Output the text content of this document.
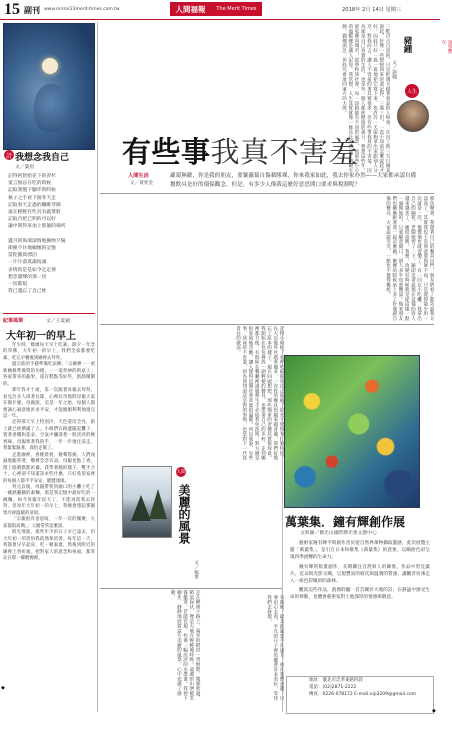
15 副刊 www.mirror23merit-times.com.tw	人間福報 The Merit Times	2018年 2月 14日 星期三
詩 我想念我自己
文／葉眉
記得阿智給花下的青杉
童言無忌在吃的時候
記取我慢下腳步的時候
執子之手看下個冬天走
記取春天走過的纖維穿隙
遠在輕輕有些具有蔬菜般
記取否把已明的可以好
讓中間得來加上那個的場所

遺月的海濱深情地擁吻夕陽
節慶不住地緬懷的記憶
當陀羅與漂泊
一片片落寞滿枝頭
多情的是是如今定定情
想念讀聲的那一切
一切都很
我已遺忘了自己姓
紀事風華	文／王夏穎
大年初一的早上

年少時，媽媽每天早上吃素，除夕一年念的拜佛，大年初一的早上，我們全家都要吃素，吃完早餐後到廟裡去拜拜。

厦宗族的手藝準備吃法鄉，「宗廟裡一一重新檢修準備祭的功德，一一道奉神的供桌上」各家帶來的蔬果，還有糕點等好些，熱熱鬧鬧的。

那年我才十歲，第一次跟著母親去拜拜，看見許多人排著長隊，心裡好奇地問母親大家在做什麼。母親說，這是一年之始，每個人都要誠心誠意地祈求平安，才能順順利利地過完這一年。

記得那天早上特別冷，天色還沒全亮，街上就已經擠滿了人。小販們在路邊擺起攤子，賣著香燭和花朵，空氣中瀰漫著一股淡淡的檀香味。母親牽著我的手，一步一步地往前走，我緊緊跟著，深怕走散了。

走進廟裡，香煙裊裊，鐘聲悠揚，人們虔誠地跪拜著，嘴裡念念有詞。母親也點了香，閉上眼睛默默祈禱。我學著她的樣子，雙手合十，心裡卻不知道該求些什麼，只好希望家裡的每個人都平平安安、健健康康。

拜完以後，母親帶我到廟口的小攤子吃了一碗熱騰騰的素麵，那是我記憶中最好吃的一碗麵。如今母親年紀大了，不能再陪我去拜拜，但每年大年初一的早上，我總會想起那個寒冷卻溫暖的清晨。

「宗親很有意思呀，一年一次的團聚，大家都很高興。」父親常常這麼說。

時光飛逝，那些年少的日子早已遠去，但大年初一的習俗我依然保留著。每年這一天，我都會早早起床，吃一頓素齋，然後到附近的廟裡上香祈福，把對家人的思念和祝福，都寄託在那一縷輕煙裡。

三鞋自言自語的，只是把幾天跟著客氣的人和事，在出工時三五日碰來說起，好像一些想想回來的還記得，三進三出，一直不知道怎麼說起才好，因此只好一篇一篇地把它寫下來，也許有一天能夠拿出來跟別人分享。對我而言，讓人不害羞的事其實很多，但有些事我真的不害羞，因為那是自己真實的生活，也是每一個人都經歷過的歲月。想想這些年，從家鄉到城市，從學校到社會，每一段路都有不同的風景，而那些小小的溫暖總是讓人記得。我常想，人生其實就像一條長長的河流，偶爾平靜，偶爾湍急，但終究會流向遠方的大海。	豬鍾	諸事豐年
人生
文／趙翰
有些事我真不害羞
人間生活
文／黃愛金
蘿蔔無敵，你是我的朋友，要緊蘿蔔自傷藉隊裸，你來我家如此，我去你家亦然——大家都承認自備餐飲具是好的環保觀念，但是，有多少人像我這麼好意思開口要求與稅制呢？
那次聚會，我帶著自己的餐具出門，朋友們看了都笑說我太認真了。其實我也不是刻意要與眾不同，只是覺得能少用一次就是一次，慢慢地也就習慣了。有一回在小吃攤，我拿出自己的碗筷，老闆娘愣了一下，隨即笑著說現在這樣的客人越來越多了，她很高興。我想，改變有時候就是從這樣一點一滴開始的，只要願意開口，別人多半也會體諒。後來朋友們也漸漸跟著我一起這麼做，聚餐的時候桌上多了好幾副自備的餐具，大家說說笑笑，一點也不覺得尷尬。
長大以後外食越來越多，一次性的餐具也越來越普遍，我們好像忘了原本的樣子。現在回頭想想，那些簡單的習慣其實很珍貴。我開始在包包裡放一副輕便的餐具，也帶著自己的水杯，走到哪裡都方便。有時候在餐廳裡請服務生不必給我免洗筷，對方總是很客氣地答應，讓人覺得這個社會其實很溫暖。所以我說，有些事，我真的不害羞，因為我知道這是對的事情，也是對下一代負責任的做法。
人間
美麗的風景
文／楊華
萬葉集．鐘有輝創作展
文與圖／佛光山國際佛光會文教中心

藝術家鐘有輝平時創作善於從自然界萬物擷取靈感，此次展覽主題「萬葉集」，是引自日本和歌集《萬葉集》的意象，以繽紛色彩呈現四季流轉的生命力。

鐘有輝的版畫創作，長期關注自然與人的關係，作品中常見葉片、花朵與光影交織，呈現豐富的層次與溫潤的質感，讓觀者彷彿走入一座色彩繽紛的森林。

觀賞這些作品，就像聆聽一首首關於大地的詩，在靜謐中感受生命的律動，也體會藝術家對土地深厚的情感與敬意。

走在鄉間小路上，兩旁的稻田一望無際，微風吹過，稻浪起伏，像是大地在輕輕地呼吸。遠處的山巒被雲霧籠罩，若隱若現，彷彿一幅淡淡的水墨畫。我停下腳步，靜靜地欣賞這片美麗的風景，心中充滿了感動。
有時候，最美的風景不在遠方，而在我們身邊。只要用心去看，平凡的日子裡也藏著許多美好，等待我們去發現。
地址：臺北市忠孝東路四段
電話：(02)2871-2222
傳真：0226-078172 E-mail:vip3209@gmail.com
◆
◆
